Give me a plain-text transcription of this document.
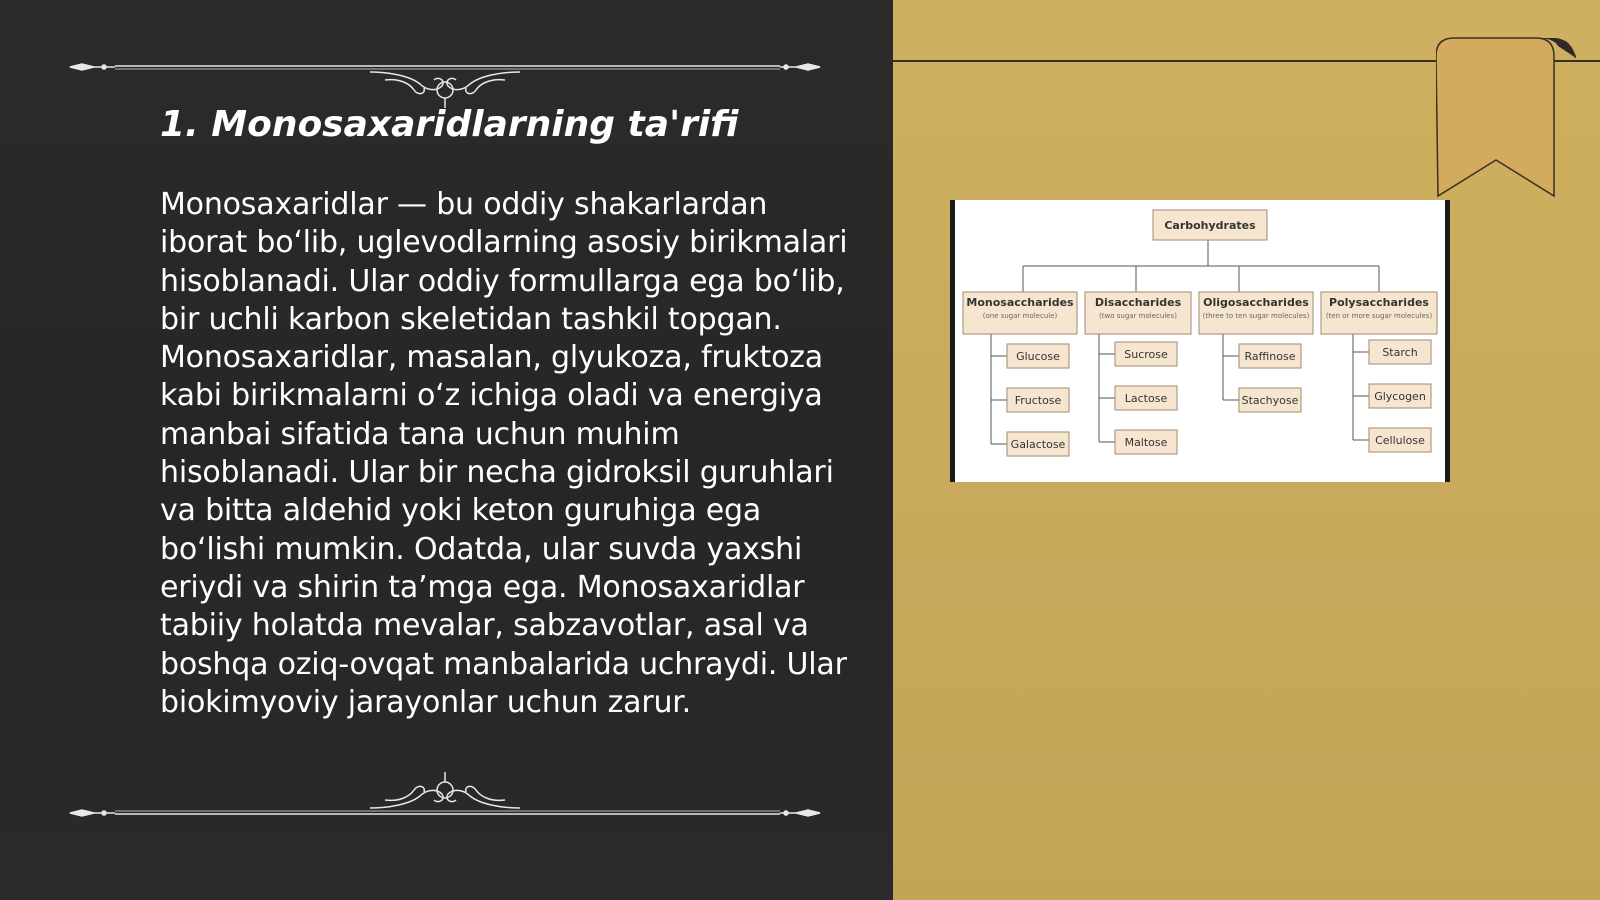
1. Monosaxaridlarning ta'rifi

Monosaxaridlar — bu oddiy shakarlardan iborat bo‘lib, uglevodlarning asosiy birikmalari hisoblanadi. Ular oddiy formullarga ega bo‘lib, bir uchli karbon skeletidan tashkil topgan. Monosaxaridlar, masalan, glyukoza, fruktoza kabi birikmalarni o‘z ichiga oladi va energiya manbai sifatida tana uchun muhim hisoblanadi. Ular bir necha gidroksil guruhlari va bitta aldehid yoki keton guruhiga ega bo‘lishi mumkin. Odatda, ular suvda yaxshi eriydi va shirin ta’mga ega. Monosaxaridlar tabiiy holatda mevalar, sabzavotlar, asal va boshqa oziq-ovqat manbalarida uchraydi. Ular biokimyoviy jarayonlar uchun zarur.

Carbohydrates
Monosaccharides
(one sugar molecule)
Disaccharides
(two sugar molecules)
Oligosaccharides
(three to ten sugar molecules)
Polysaccharides
(ten or more sugar molecules)
Glucose
Fructose
Galactose
Sucrose
Lactose
Maltose
Raffinose
Stachyose
Starch
Glycogen
Cellulose
